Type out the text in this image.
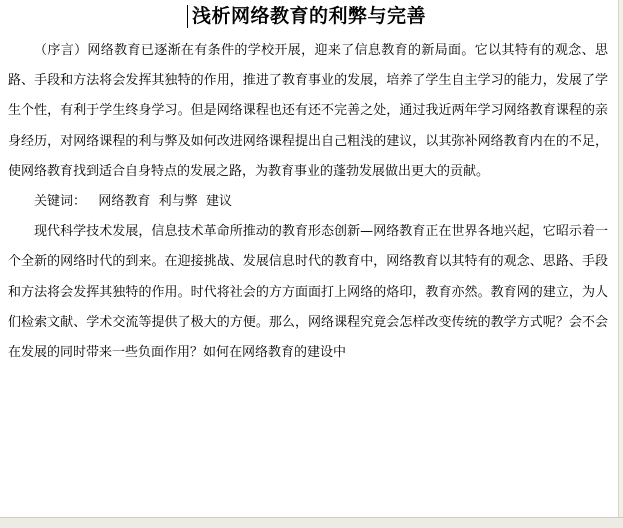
浅析网络教育的利弊与完善

（序言）网络教育已逐渐在有条件的学校开展，迎来了信息教育的新局面。它以其特有的观念、思路、手段和方法将会发挥其独特的作用，推进了教育事业的发展，培养了学生自主学习的能力，发展了学生个性，有利于学生终身学习。但是网络课程也还有还不完善之处，通过我近两年学习网络教育课程的亲身经历，对网络课程的利与弊及如何改进网络课程提出自己粗浅的建议，以其弥补网络教育内在的不足，使网络教育找到适合自身特点的发展之路，为教育事业的蓬勃发展做出更大的贡献。

关键词： 网络教育  利与弊  建议

现代科学技术发展，信息技术革命所推动的教育形态创新—网络教育正在世界各地兴起，它昭示着一个全新的网络时代的到来。在迎接挑战、发展信息时代的教育中，网络教育以其特有的观念、思路、手段和方法将会发挥其独特的作用。时代将社会的方方面面打上网络的烙印，教育亦然。教育网的建立，为人们检索文献、学术交流等提供了极大的方便。那么，网络课程究竟会怎样改变传统的教学方式呢？会不会在发展的同时带来一些负面作用？如何在网络教育的建设中
